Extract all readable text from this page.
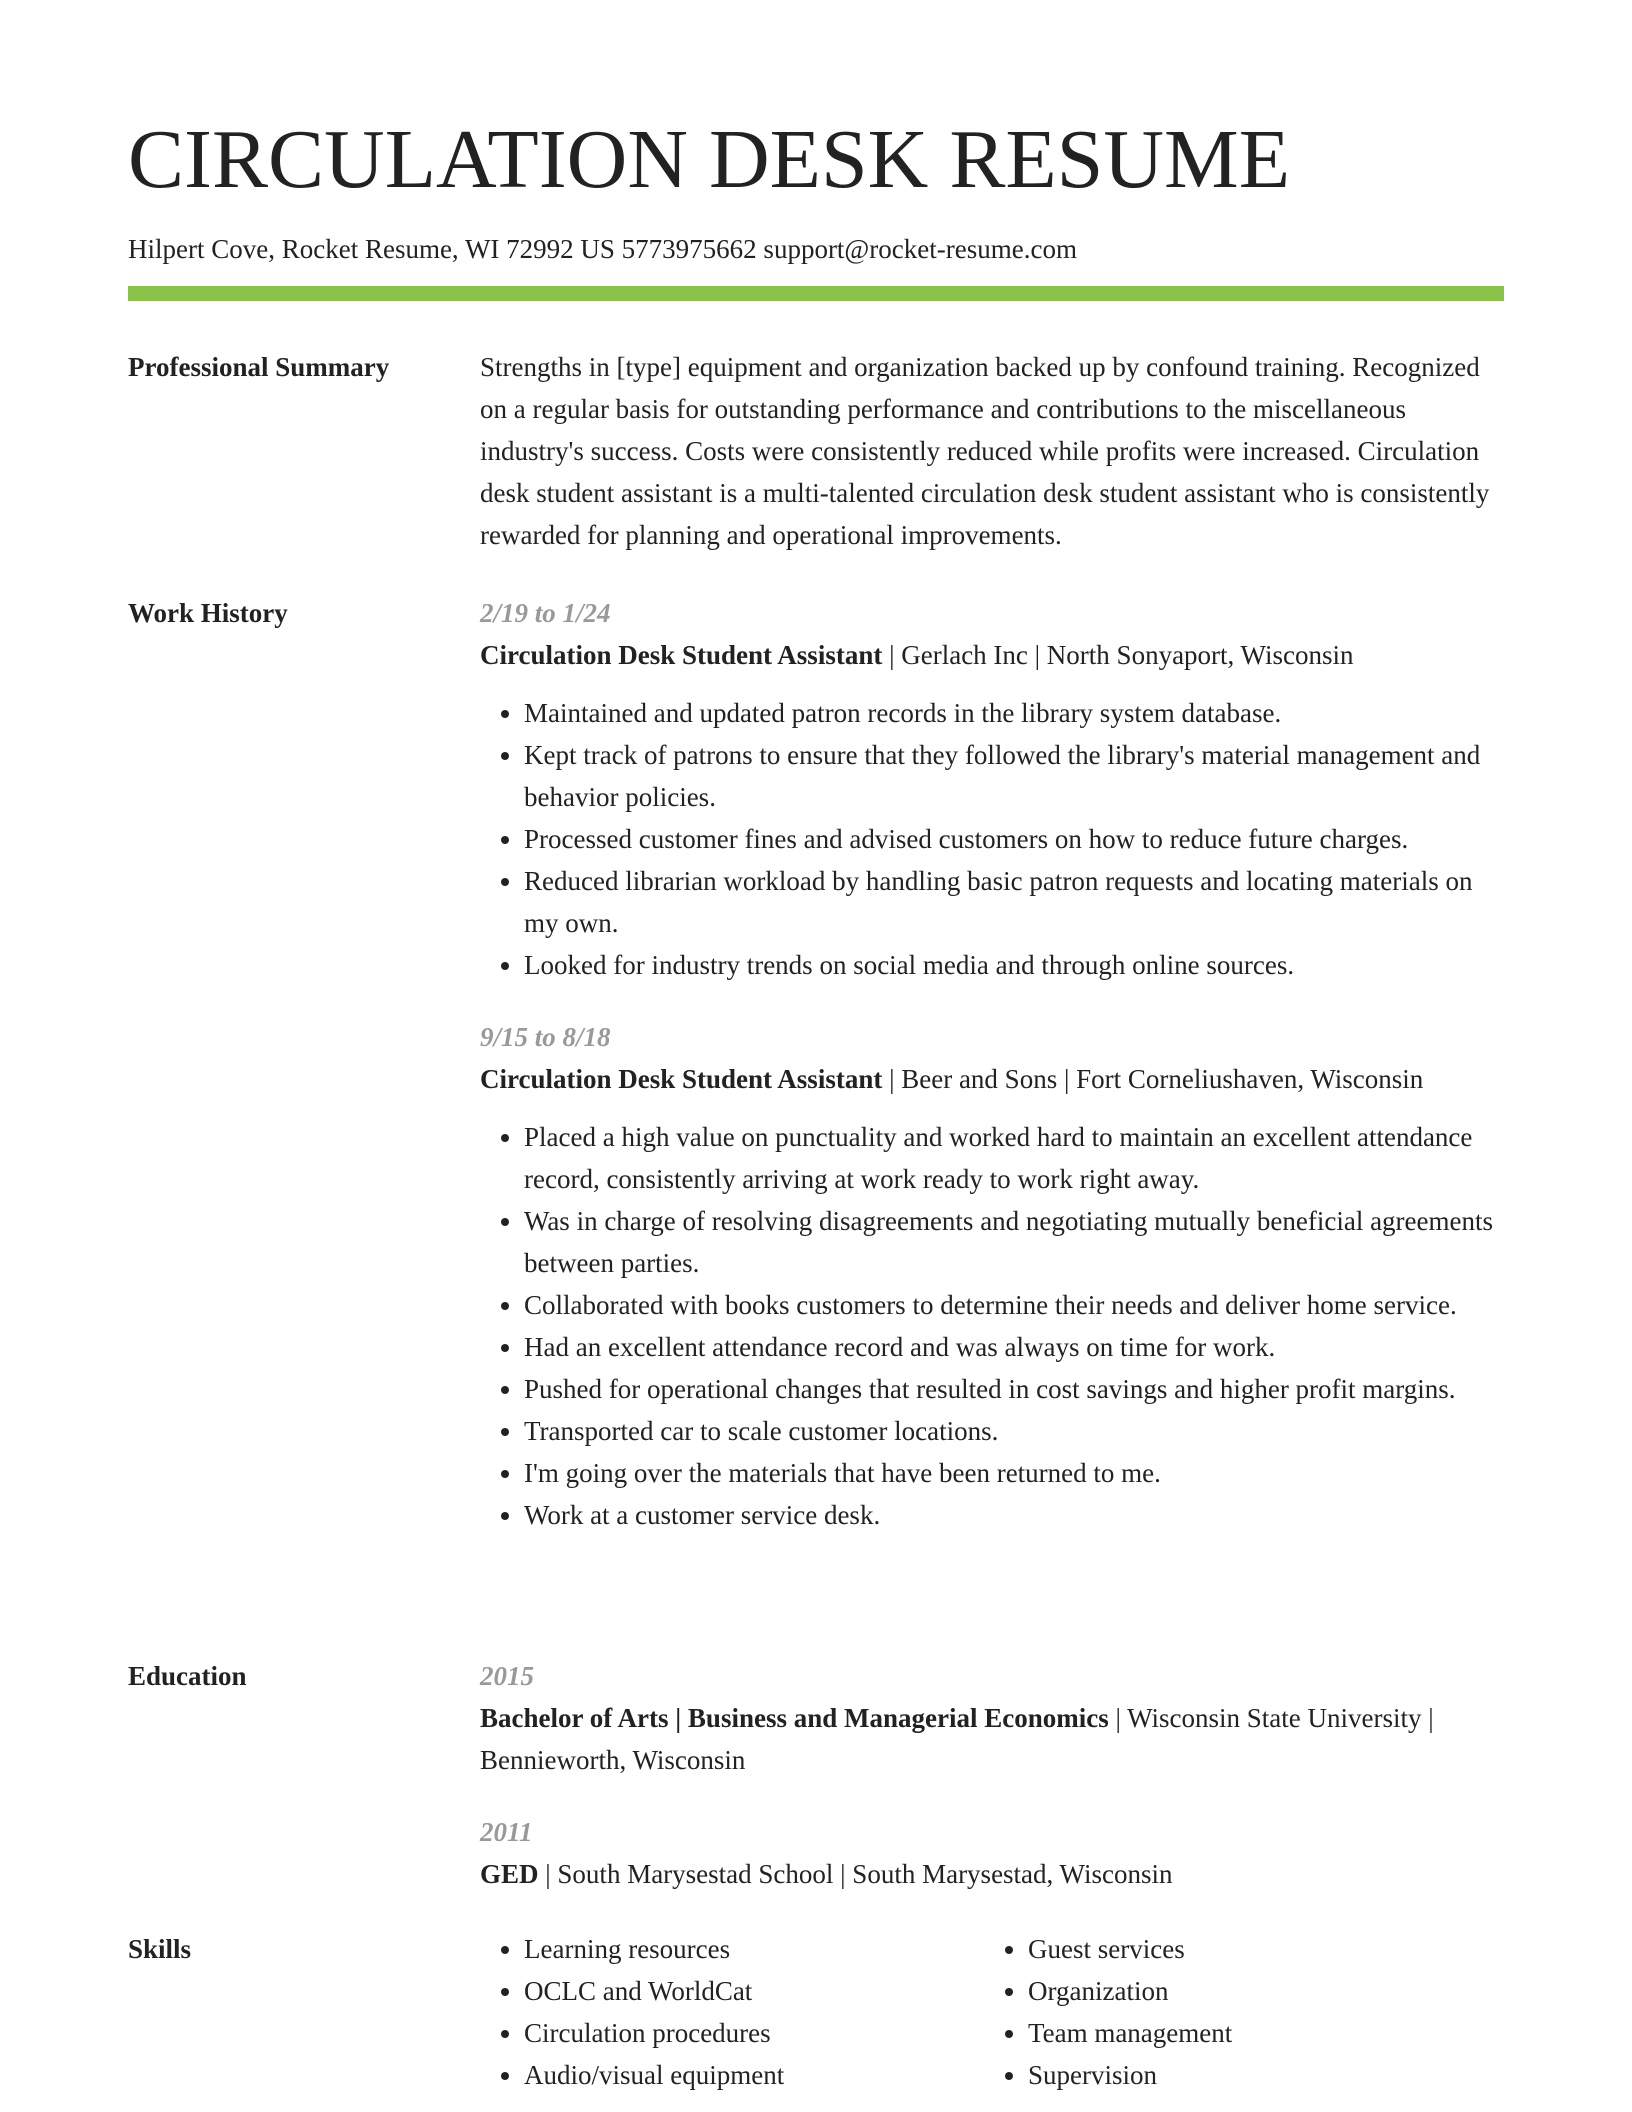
CIRCULATION DESK RESUME
Hilpert Cove, Rocket Resume, WI 72992 US 5773975662 support@rocket-resume.com
Professional Summary	Strengths in [type] equipment and organization backed up by confound training. Recognized on a regular basis for outstanding performance and contributions to the miscellaneous industry's success. Costs were consistently reduced while profits were increased. Circulation desk student assistant is a multi-talented circulation desk student assistant who is consistently rewarded for planning and operational improvements.

Work History	2/19 to 1/24
Circulation Desk Student Assistant | Gerlach Inc | North Sonyaport, Wisconsin
• Maintained and updated patron records in the library system database.
• Kept track of patrons to ensure that they followed the library's material management and behavior policies.
• Processed customer fines and advised customers on how to reduce future charges.
• Reduced librarian workload by handling basic patron requests and locating materials on my own.
• Looked for industry trends on social media and through online sources.
9/15 to 8/18
Circulation Desk Student Assistant | Beer and Sons | Fort Corneliushaven, Wisconsin
• Placed a high value on punctuality and worked hard to maintain an excellent attendance record, consistently arriving at work ready to work right away.
• Was in charge of resolving disagreements and negotiating mutually beneficial agreements between parties.
• Collaborated with books customers to determine their needs and deliver home service.
• Had an excellent attendance record and was always on time for work.
• Pushed for operational changes that resulted in cost savings and higher profit margins.
• Transported car to scale customer locations.
• I'm going over the materials that have been returned to me.
• Work at a customer service desk.
Education	2015
Bachelor of Arts | Business and Managerial Economics | Wisconsin State University | Bennieworth, Wisconsin
2011
GED | South Marysestad School | South Marysestad, Wisconsin
Skills
•	Learning resources
• OCLC and WorldCat
• Circulation procedures
• Audio/visual equipment
• Guest services
• Organization
• Team management
• Supervision
